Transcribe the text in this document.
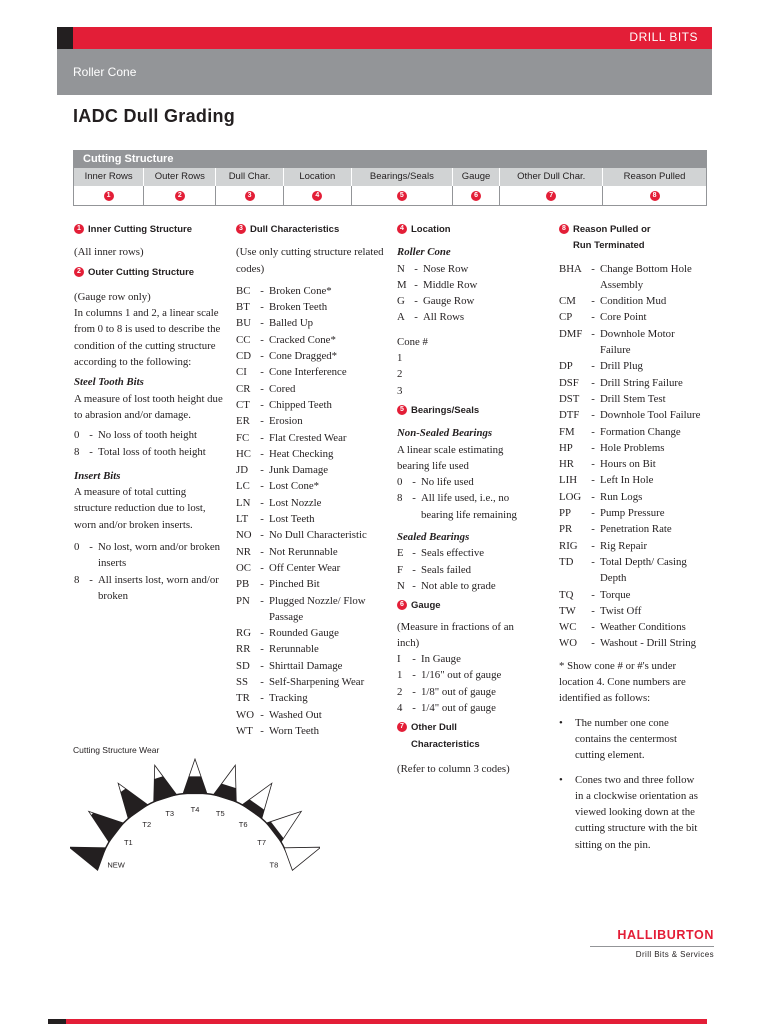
DRILL BITS
Roller Cone
IADC Dull Grading
Cutting Structure
Inner Rows	Outer Rows	Dull Char.	Location	Bearings/Seals	Gauge	Other Dull Char.	Reason Pulled
1	2	3	4	5	6	7	8
1 Inner Cutting Structure

(All inner rows)

2 Outer Cutting Structure

(Gauge row only)

In columns 1 and 2, a linear scale from 0 to 8 is used to describe the condition of the cutting structure according to the following:

Steel Tooth Bits

A measure of lost tooth height due to abrasion and/or damage.

0 - No loss of tooth height
8 - Total loss of tooth height

Insert Bits

A measure of total cutting structure reduction due to lost, worn and/or broken inserts.

0 - No lost, worn and/or broken inserts
8 - All inserts lost, worn and/or broken
3 Dull Characteristics

(Use only cutting structure related codes)

BC - Broken Cone*
BT - Broken Teeth
BU - Balled Up
CC - Cracked Cone*
CD - Cone Dragged*
CI	- Cone Interference
CR - Cored
CT - Chipped Teeth
ER - Erosion
FC	- Flat Crested Wear
HC - Heat Checking
JD	- Junk Damage
LC - Lost Cone*
LN - Lost Nozzle
LT	- Lost Teeth
NO - No Dull Characteristic
NR - Not Rerunnable
OC - Off Center Wear
PB	- Pinched Bit
PN - Plugged Nozzle/ Flow Passage
RG - Rounded Gauge
RR - Rerunnable
SD - Shirttail Damage
SS	- Self-Sharpening Wear
TR - Tracking
WO - Washed Out
WT - Worn Teeth
4 Location

Roller Cone

N - Nose Row
M - Middle Row
G - Gauge Row
A - All Rows

Cone #

1

2

3

5 Bearings/Seals

Non-Sealed Bearings

A linear scale estimating bearing life used

0 - No life used
8 - All life used, i.e., no bearing life remaining

Sealed Bearings

E - Seals effective
F - Seals failed
N - Not able to grade
6 Gauge

(Measure in fractions of an inch)

I	- In Gauge
1 - 1/16" out of gauge
2 - 1/8" out of gauge
4 - 1/4" out of gauge
7 Other Dull Characteristics

(Refer to column 3 codes)

8 Reason Pulled or Run Terminated
BHA - Change Bottom Hole Assembly
CM	- Condition Mud
CP	- Core Point
DMF - Downhole Motor Failure
DP	- Drill Plug
DSF	- Drill String Failure
DST	- Drill Stem Test
DTF	- Downhole Tool Failure
FM	- Formation Change
HP	- Hole Problems
HR	- Hours on Bit
LIH	- Left In Hole
LOG - Run Logs
PP	- Pump Pressure
PR	- Penetration Rate
RIG	- Rig Repair
TD	- Total Depth/ Casing Depth
TQ	- Torque
TW	- Twist Off
WC	- Weather Conditions
WO	- Washout - Drill String

* Show cone # or #'s under location 4. Cone numbers are identified as follows:

•	The number one cone contains the centermost cutting element.
•	Cones two and three follow in a clockwise orientation as viewed looking down at the cutting structure with the bit sitting on the pin.
Cutting Structure Wear
NEW
T1
T2
T3 T4 T5
T6
T7
T8
HALLIBURTON
Drill Bits & Services
